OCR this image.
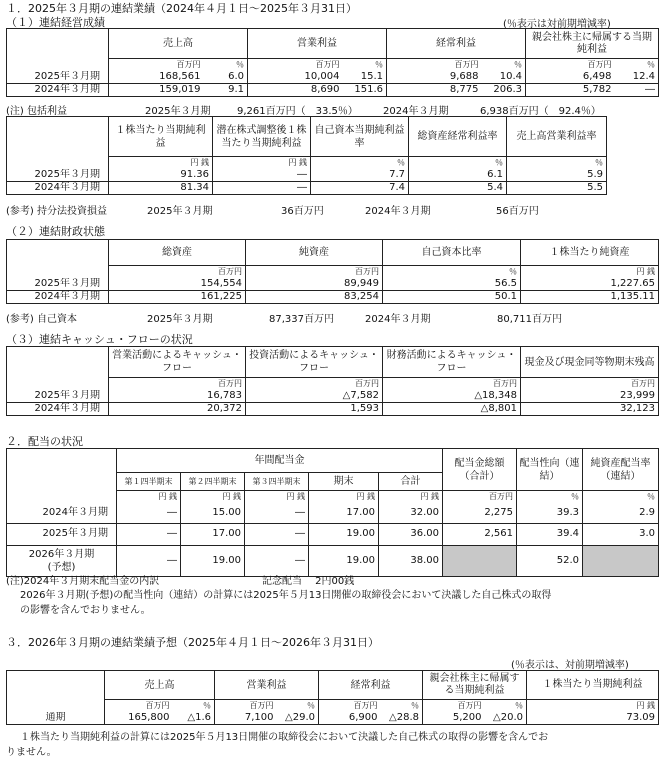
１．2025年３月期の連結業績（2024年４月１日～2025年３月31日）
（１）連結経営成績	(％表示は対前期増減率)
	売上高		営業利益		経常利益		親会社株主に帰属する当期純利益	
	百万円	％	百万円	％	百万円	％	百万円	％
2025年３月期	168,561	6.0	10,004	15.1	9,688	10.4	6,498	12.4
2024年３月期	159,019	9.1	8,690	151.6	8,775	206.3	5,782	―
(注) 包括利益	2025年３月期	9,261百万円（　33.5％）	2024年３月期	6,938百万円（　92.4％）
	１株当たり当期純利益	潜在株式調整後１株当たり当期純利益	自己資本当期純利益率	総資産経常利益率	売上高営業利益率
	円 銭	円 銭	％	％	％
2025年３月期	91.36	―	7.7	6.1	5.9
2024年３月期	81.34	―	7.4	5.4	5.5
(参考) 持分法投資損益	2025年３月期	36百万円	2024年３月期	56百万円
（２）連結財政状態
	総資産	純資産	自己資本比率	１株当たり純資産
	百万円	百万円	％	円 銭
2025年３月期	154,554	89,949	56.5	1,227.65
2024年３月期	161,225	83,254	50.1	1,135.11
(参考) 自己資本	2025年３月期	87,337百万円	2024年３月期	80,711百万円
（３）連結キャッシュ・フローの状況
	営業活動によるキャッシュ・フロー	投資活動によるキャッシュ・フロー	財務活動によるキャッシュ・フロー	現金及び現金同等物期末残高
	百万円	百万円	百万円	百万円
2025年３月期	16,783	△7,582	△18,348	23,999
2024年３月期	20,372	1,593	△8,801	32,123
２．配当の状況
	年間配当金					配当金総額（合計）	配当性向（連結）	純資産配当率（連結）
	第１四半期末	第２四半期末	第３四半期末	期末	合計			
	円 銭	円 銭	円 銭	円 銭	円 銭	百万円	％	％
2024年３月期	―	15.00	―	17.00	32.00	2,275	39.3	2.9
2025年３月期	―	17.00	―	19.00	36.00	2,561	39.4	3.0

2026年３月期
(予想)	―	19.00	―	19.00	38.00		52.0	
(注)2024年３月期末配当金の内訳	記念配当　 2円00銭
2026年３月期(予想)の配当性向（連結）の計算には2025年５月13日開催の取締役会において決議した自己株式の取得
の影響を含んでおりません。
３．2026年３月期の連結業績予想（2025年４月１日～2026年３月31日）
(％表示は、対前期増減率)
	売上高		営業利益		経常利益		親会社株主に帰属する当期純利益		１株当たり当期純利益
	百万円	％	百万円	％	百万円	％	百万円	％	円 銭
通期	165,800	△1.6	7,100	△29.0	6,900	△28.8	5,200	△20.0	73.09
１株当たり当期純利益の計算には2025年５月13日開催の取締役会において決議した自己株式の取得の影響を含んでお
りません。
